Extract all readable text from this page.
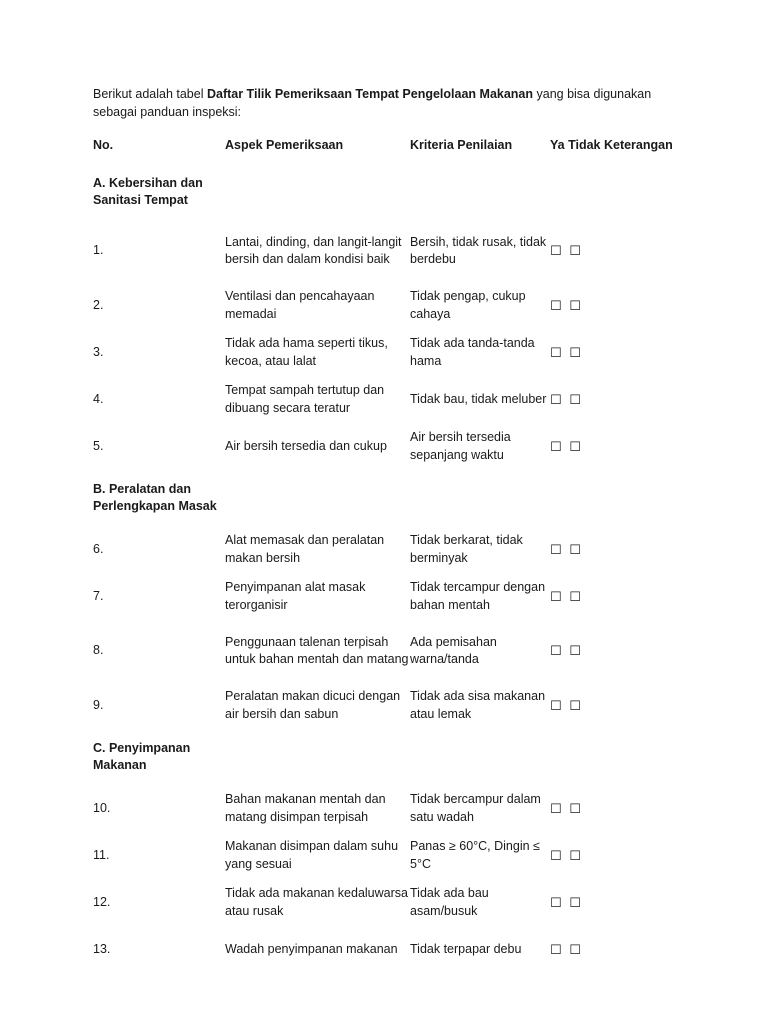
Berikut adalah tabel Daftar Tilik Pemeriksaan Tempat Pengelolaan Makanan yang bisa digunakan sebagai panduan inspeksi:

No.	Aspek Pemeriksaan	Kriteria Penilaian	Ya Tidak Keterangan
A. Kebersihan dan Sanitasi Tempat			
1.	Lantai, dinding, dan langit-langit bersih dan dalam kondisi baik	Bersih, tidak rusak, tidak berdebu	☐ ☐
2.	Ventilasi dan pencahayaan memadai	Tidak pengap, cukup cahaya	☐ ☐
3.	Tidak ada hama seperti tikus, kecoa, atau lalat	Tidak ada tanda-tanda hama	☐ ☐
4.	Tempat sampah tertutup dan dibuang secara teratur	Tidak bau, tidak meluber	☐ ☐
5.	Air bersih tersedia dan cukup	Air bersih tersedia sepanjang waktu	☐ ☐
B. Peralatan dan Perlengkapan Masak			
6.	Alat memasak dan peralatan makan bersih	Tidak berkarat, tidak berminyak	☐ ☐
7.	Penyimpanan alat masak terorganisir	Tidak tercampur dengan bahan mentah	☐ ☐
8.	Penggunaan talenan terpisah untuk bahan mentah dan matang	Ada pemisahan warna/tanda	☐ ☐
9.	Peralatan makan dicuci dengan air bersih dan sabun	Tidak ada sisa makanan atau lemak	☐ ☐
C. Penyimpanan Makanan			
10.	Bahan makanan mentah dan matang disimpan terpisah	Tidak bercampur dalam satu wadah	☐ ☐
11.	Makanan disimpan dalam suhu yang sesuai	Panas ≥ 60°C, Dingin ≤ 5°C	☐ ☐
12.	Tidak ada makanan kedaluwarsa atau rusak	Tidak ada bau asam/busuk	☐ ☐
13.	Wadah penyimpanan makanan	Tidak terpapar debu	☐ ☐
